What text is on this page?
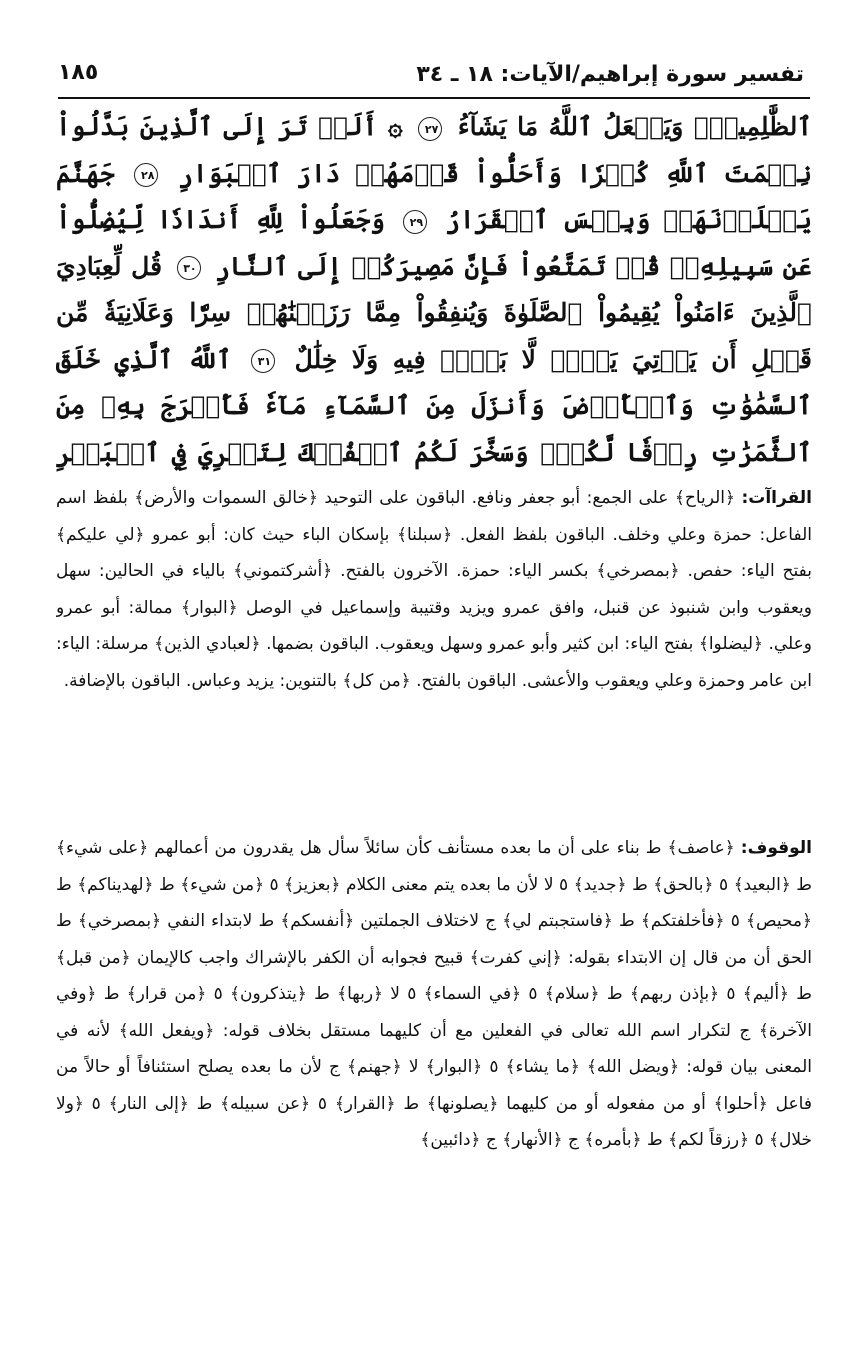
تفسير سورة إبراهيم/الآيات: ١٨ ـ ٣٤
١٨٥
ٱلظَّٰلِمِينَۚ وَيَفۡعَلُ ٱللَّهُ مَا يَشَآءُ ٢٧ ۞ أَلَمۡ تَرَ إِلَى ٱلَّذِينَ بَدَّلُواْ نِعۡمَتَ ٱللَّهِ كُفۡرٗا وَأَحَلُّواْ قَوۡمَهُمۡ دَارَ ٱلۡبَوَارِ ٢٨ جَهَنَّمَ يَصۡلَوۡنَهَاۖ وَبِئۡسَ ٱلۡقَرَارُ ٢٩ وَجَعَلُواْ لِلَّهِ أَندَادٗا لِّيُضِلُّواْ عَن سَبِيلِهِۦۗ قُلۡ تَمَتَّعُواْ فَإِنَّ مَصِيرَكُمۡ إِلَى ٱلنَّارِ ٣٠ قُل لِّعِبَادِيَ ٱلَّذِينَ ءَامَنُواْ يُقِيمُواْ ٱلصَّلَوٰةَ وَيُنفِقُواْ مِمَّا رَزَقۡنَٰهُمۡ سِرّٗا وَعَلَانِيَةٗ مِّن قَبۡلِ أَن يَأۡتِيَ يَوۡمٞ لَّا بَيۡعٞ فِيهِ وَلَا خِلَٰلٌ ٣١ ٱللَّهُ ٱلَّذِي خَلَقَ ٱلسَّمَٰوَٰتِ وَٱلۡأَرۡضَ وَأَنزَلَ مِنَ ٱلسَّمَآءِ مَآءٗ فَأَخۡرَجَ بِهِۦ مِنَ ٱلثَّمَرَٰتِ رِزۡقٗا لَّكُمۡۖ وَسَخَّرَ لَكُمُ ٱلۡفُلۡكَ لِتَجۡرِيَ فِي ٱلۡبَحۡرِ
القراآت: ﴿الرياح﴾ على الجمع: أبو جعفر ونافع. الباقون على التوحيد ﴿خالق السموات والأرض﴾ بلفظ اسم الفاعل: حمزة وعلي وخلف. الباقون بلفظ الفعل. ﴿سبلنا﴾ بإسكان الباء حيث كان: أبو عمرو ﴿لي عليكم﴾ بفتح الياء: حفص. ﴿بمصرخي﴾ بكسر الياء: حمزة. الآخرون بالفتح. ﴿أشركتموني﴾ بالياء في الحالين: سهل ويعقوب وابن شنبوذ عن قنبل، وافق عمرو ويزيد وقتيبة وإسماعيل في الوصل ﴿البوار﴾ ممالة: أبو عمرو وعلي. ﴿ليضلوا﴾ بفتح الياء: ابن كثير وأبو عمرو وسهل ويعقوب. الباقون بضمها. ﴿لعبادي الذين﴾ مرسلة: الياء: ابن عامر وحمزة وعلي ويعقوب والأعشى. الباقون بالفتح. ﴿من كل﴾ بالتنوين: يزيد وعباس. الباقون بالإضافة.
الوقوف: ﴿عاصف﴾ ط بناء على أن ما بعده مستأنف كأن سائلاً سأل هل يقدرون من أعمالهم ﴿على شيء﴾ ط ﴿البعيد﴾ ٥ ﴿بالحق﴾ ط ﴿جديد﴾ ٥ لا لأن ما بعده يتم معنى الكلام ﴿بعزيز﴾ ٥ ﴿من شيء﴾ ط ﴿لهديناكم﴾ ط ﴿محيص﴾ ٥ ﴿فأخلفتكم﴾ ط ﴿فاستجبتم لي﴾ ج لاختلاف الجملتين ﴿أنفسكم﴾ ط لابتداء النفي ﴿بمصرخي﴾ ط الحق أن من قال إن الابتداء بقوله: ﴿إني كفرت﴾ قبيح فجوابه أن الكفر بالإشراك واجب كالإيمان ﴿من قبل﴾ ط ﴿أليم﴾ ٥ ﴿بإذن ربهم﴾ ط ﴿سلام﴾ ٥ ﴿في السماء﴾ ٥ لا ﴿ربها﴾ ط ﴿يتذكرون﴾ ٥ ﴿من قرار﴾ ط ﴿وفي الآخرة﴾ ج لتكرار اسم الله تعالى في الفعلين مع أن كليهما مستقل بخلاف قوله: ﴿ويفعل الله﴾ لأنه في المعنى بيان قوله: ﴿ويضل الله﴾ ﴿ما يشاء﴾ ٥ ﴿البوار﴾ لا ﴿جهنم﴾ ج لأن ما بعده يصلح استئنافاً أو حالاً من فاعل ﴿أحلوا﴾ أو من مفعوله أو من كليهما ﴿يصلونها﴾ ط ﴿القرار﴾ ٥ ﴿عن سبيله﴾ ط ﴿إلى النار﴾ ٥ ﴿ولا خلال﴾ ٥ ﴿رزقاً لكم﴾ ط ﴿بأمره﴾ ج ﴿الأنهار﴾ ج ﴿دائبين﴾
